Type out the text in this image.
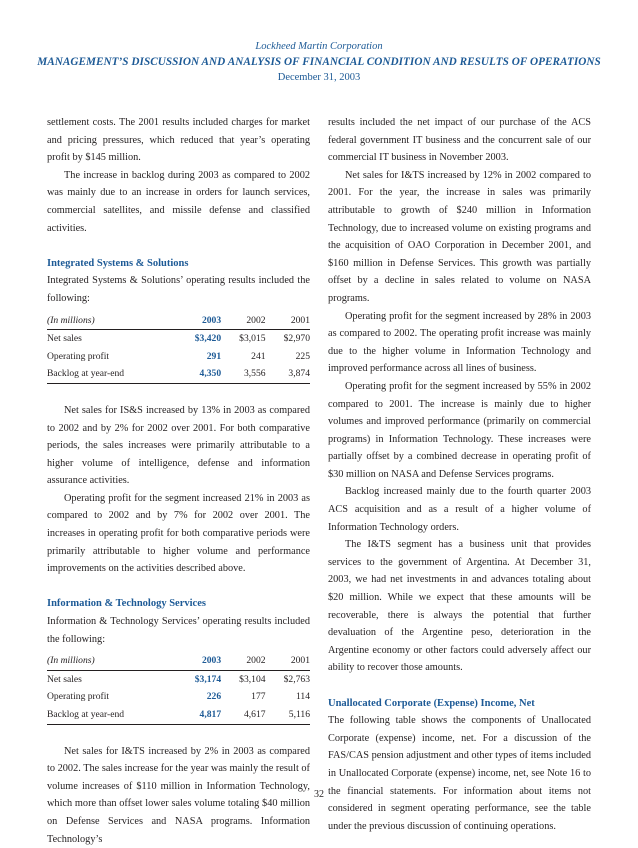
Lockheed Martin Corporation
MANAGEMENT’S DISCUSSION AND ANALYSIS OF FINANCIAL CONDITION AND RESULTS OF OPERATIONS
December 31, 2003

settlement costs. The 2001 results included charges for market and pricing pressures, which reduced that year’s operating profit by $145 million.

The increase in backlog during 2003 as compared to 2002 was mainly due to an increase in orders for launch services, commercial satellites, and missile defense and classified activities.

Integrated Systems & Solutions

Integrated Systems & Solutions’ operating results included the following:

(In millions)	2003	2002	2001
Net sales	$3,420	$3,015	$2,970
Operating profit	291	241	225
Backlog at year-end	4,350	3,556	3,874

Net sales for IS&S increased by 13% in 2003 as compared to 2002 and by 2% for 2002 over 2001. For both comparative periods, the sales increases were primarily attributable to a higher volume of intelligence, defense and information assurance activities.

Operating profit for the segment increased 21% in 2003 as compared to 2002 and by 7% for 2002 over 2001. The increases in operating profit for both comparative periods were primarily attributable to higher volume and performance improvements on the activities described above.

Information & Technology Services

Information & Technology Services’ operating results included the following:

(In millions)	2003	2002	2001
Net sales	$3,174	$3,104	$2,763
Operating profit	226	177	114
Backlog at year-end	4,817	4,617	5,116

Net sales for I&TS increased by 2% in 2003 as compared to 2002. The sales increase for the year was mainly the result of volume increases of $110 million in Information Technology, which more than offset lower sales volume totaling $40 million on Defense Services and NASA programs. Information Technology’s

results included the net impact of our purchase of the ACS federal government IT business and the concurrent sale of our commercial IT business in November 2003.

Net sales for I&TS increased by 12% in 2002 compared to 2001. For the year, the increase in sales was primarily attributable to growth of $240 million in Information Technology, due to increased volume on existing programs and the acquisition of OAO Corporation in December 2001, and $160 million in Defense Services. This growth was partially offset by a decline in sales related to volume on NASA programs.

Operating profit for the segment increased by 28% in 2003 as compared to 2002. The operating profit increase was mainly due to the higher volume in Information Technology and improved performance across all lines of business.

Operating profit for the segment increased by 55% in 2002 compared to 2001. The increase is mainly due to higher volumes and improved performance (primarily on commercial programs) in Information Technology. These increases were partially offset by a combined decrease in operating profit of $30 million on NASA and Defense Services programs.

Backlog increased mainly due to the fourth quarter 2003 ACS acquisition and as a result of a higher volume of Information Technology orders.

The I&TS segment has a business unit that provides services to the government of Argentina. At December 31, 2003, we had net investments in and advances totaling about $20 million. While we expect that these amounts will be recoverable, there is always the potential that further devaluation of the Argentine peso, deterioration in the Argentine economy or other factors could adversely affect our ability to recover those amounts.

Unallocated Corporate (Expense) Income, Net

The following table shows the components of Unallocated Corporate (expense) income, net. For a discussion of the FAS/CAS pension adjustment and other types of items included in Unallocated Corporate (expense) income, net, see Note 16 to the financial statements. For information about items not considered in segment operating performance, see the table under the previous discussion of continuing operations.

32
